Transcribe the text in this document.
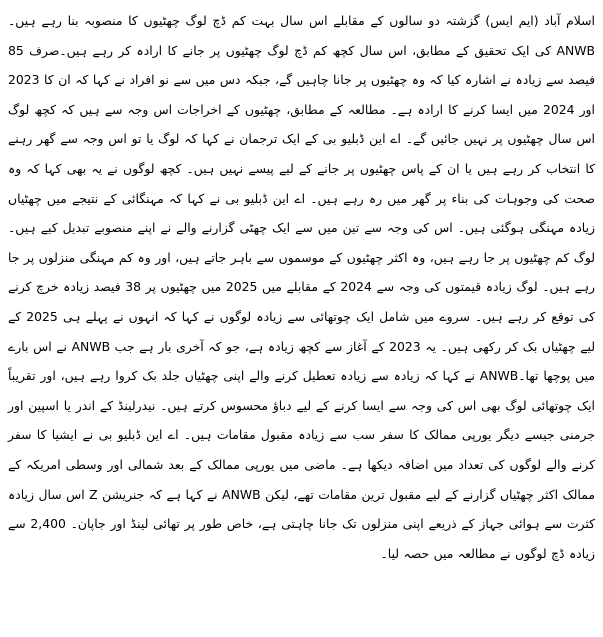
اسلام آباد (ایم ایس) گزشتہ دو سالوں کے مقابلے اس سال بہت کم ڈچ لوگ چھٹیوں کا منصوبہ بنا رہے ہیں۔ANWB کی ایک تحقیق کے مطابق، اس سال کچھ کم ڈچ لوگ چھٹیوں پر جانے کا ارادہ کر رہے ہیں۔صرف 85 فیصد سے زیادہ نے اشارہ کیا کہ وہ چھٹیوں پر جانا چاہیں گے، جبکہ دس میں سے نو افراد نے کہا کہ ان کا 2023 اور 2024 میں ایسا کرنے کا ارادہ ہے۔ مطالعہ کے مطابق، چھٹیوں کے اخراجات اس وجہ سے ہیں کہ کچھ لوگ اس سال چھٹیوں پر نہیں جائیں گے۔ اے این ڈبلیو بی کے ایک ترجمان نے کہا کہ لوگ یا تو اس وجہ سے گھر رہنے کا انتخاب کر رہے ہیں یا ان کے پاس چھٹیوں پر جانے کے لیے پیسے نہیں ہیں۔ کچھ لوگوں نے یہ بھی کہا کہ وہ صحت کی وجوہات کی بناء پر گھر میں رہ رہے ہیں۔ اے این ڈبلیو بی نے کہا کہ مہنگائی کے نتیجے میں چھٹیاں زیادہ مہنگی ہوگئی ہیں۔ اس کی وجہ سے تین میں سے ایک چھٹی گزارنے والے نے اپنے منصوبے تبدیل کیے ہیں۔ لوگ کم چھٹیوں پر جا رہے ہیں، وہ اکثر چھٹیوں کے موسموں سے باہر جاتے ہیں، اور وہ کم مہنگی منزلوں پر جا رہے ہیں۔ لوگ زیادہ قیمتوں کی وجہ سے 2024 کے مقابلے میں 2025 میں چھٹیوں پر 38 فیصد زیادہ خرچ کرنے کی توقع کر رہے ہیں۔ سروے میں شامل ایک چوتھائی سے زیادہ لوگوں نے کہا کہ انہوں نے پہلے ہی 2025 کے لیے چھٹیاں بک کر رکھی ہیں۔ یہ 2023 کے آغاز سے کچھ زیادہ ہے، جو کہ آخری بار ہے جب ANWB نے اس بارے میں پوچھا تھا۔ANWB نے کہا کہ زیادہ سے زیادہ تعطیل کرنے والے اپنی چھٹیاں جلد بک کروا رہے ہیں، اور تقریباً ایک چوتھائی لوگ بھی اس کی وجہ سے ایسا کرنے کے لیے دباؤ محسوس کرتے ہیں۔ نیدرلینڈ کے اندر یا اسپین اور جرمنی جیسے دیگر یورپی ممالک کا سفر سب سے زیادہ مقبول مقامات ہیں۔ اے این ڈبلیو بی نے ایشیا کا سفر کرنے والے لوگوں کی تعداد میں اضافہ دیکھا ہے۔ ماضی میں یورپی ممالک کے بعد شمالی اور وسطی امریکہ کے ممالک اکثر چھٹیاں گزارنے کے لیے مقبول ترین مقامات تھے، لیکن ANWB نے کہا ہے کہ جنریشن Z اس سال زیادہ کثرت سے ہوائی جہاز کے ذریعے اپنی منزلوں تک جانا چاہتی ہے، خاص طور پر تھائی لینڈ اور جاپان۔ 2,400 سے زیادہ ڈچ لوگوں نے مطالعہ میں حصہ لیا۔
